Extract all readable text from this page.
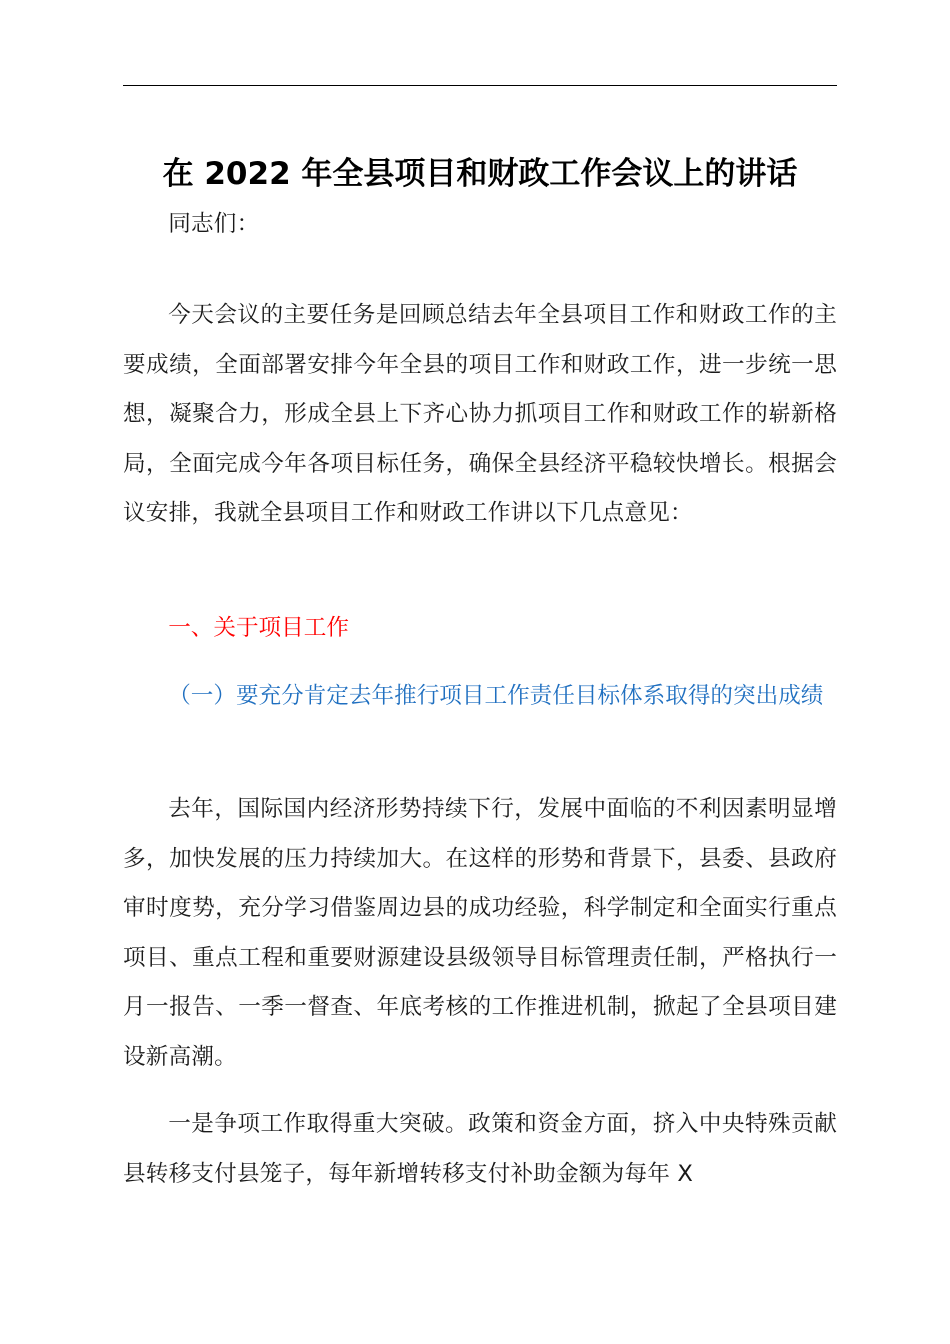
在 2022 年全县项目和财政工作会议上的讲话

同志们：

今天会议的主要任务是回顾总结去年全县项目工作和财政工作的主要成绩，全面部署安排今年全县的项目工作和财政工作，进一步统一思想，凝聚合力，形成全县上下齐心协力抓项目工作和财政工作的崭新格局，全面完成今年各项目标任务，确保全县经济平稳较快增长。根据会议安排，我就全县项目工作和财政工作讲以下几点意见：

一、关于项目工作

（一）要充分肯定去年推行项目工作责任目标体系取得的突出成绩

去年，国际国内经济形势持续下行，发展中面临的不利因素明显增多，加快发展的压力持续加大。在这样的形势和背景下，县委、县政府审时度势，充分学习借鉴周边县的成功经验，科学制定和全面实行重点项目、重点工程和重要财源建设县级领导目标管理责任制，严格执行一月一报告、一季一督查、年底考核的工作推进机制，掀起了全县项目建设新高潮。

一是争项工作取得重大突破。政策和资金方面，挤入中央特殊贡献县转移支付县笼子，每年新增转移支付补助金额为每年 X
